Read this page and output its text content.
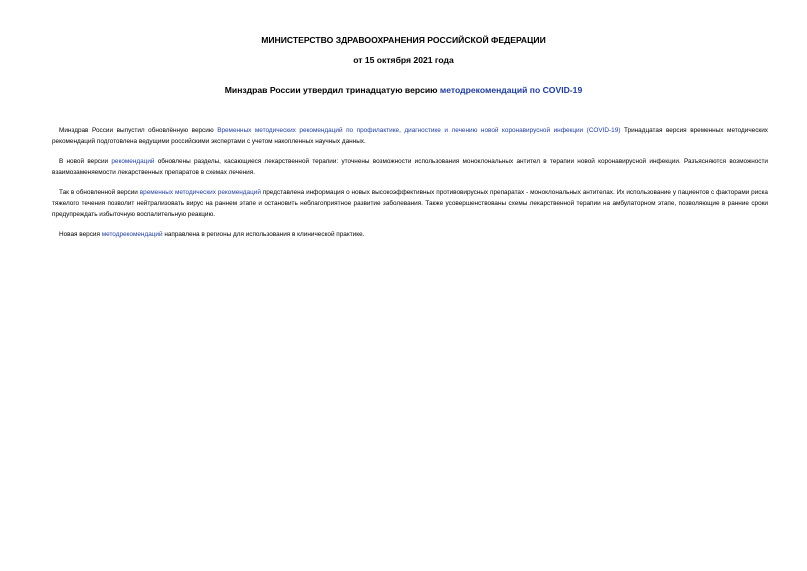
МИНИСТЕРСТВО ЗДРАВООХРАНЕНИЯ РОССИЙСКОЙ ФЕДЕРАЦИИ
от 15 октября 2021 года
Минздрав России утвердил тринадцатую версию методрекомендаций по COVID-19

Минздрав России выпустил обновлённую версию Временных методических рекомендаций по профилактике, диагностике и лечению новой коронавирусной инфекции (COVID-19) Тринадцатая версия временных методических рекомендаций подготовлена ведущими российскими экспертами с учетом накопленных научных данных.

В новой версии рекомендаций обновлены разделы, касающиеся лекарственной терапии: уточнены возможности использования моноклональных антител в терапии новой коронавирусной инфекции. Разъясняются возможности взаимозаменяемости лекарственных препаратов в схемах лечения.

Так в обновленной версии временных методических рекомендаций представлена информация о новых высокоэффективных противовирусных препаратах - моноклональных антителах. Их использование у пациентов с факторами риска тяжелого течения позволит нейтрализовать вирус на раннем этапе и остановить неблагоприятное развитие заболевания. Также усовершенствованы схемы лекарственной терапии на амбулаторном этапе, позволяющие в ранние сроки предупреждать избыточную воспалительную реакцию.

Новая версия методрекомендаций направлена в регионы для использования в клинической практике.
